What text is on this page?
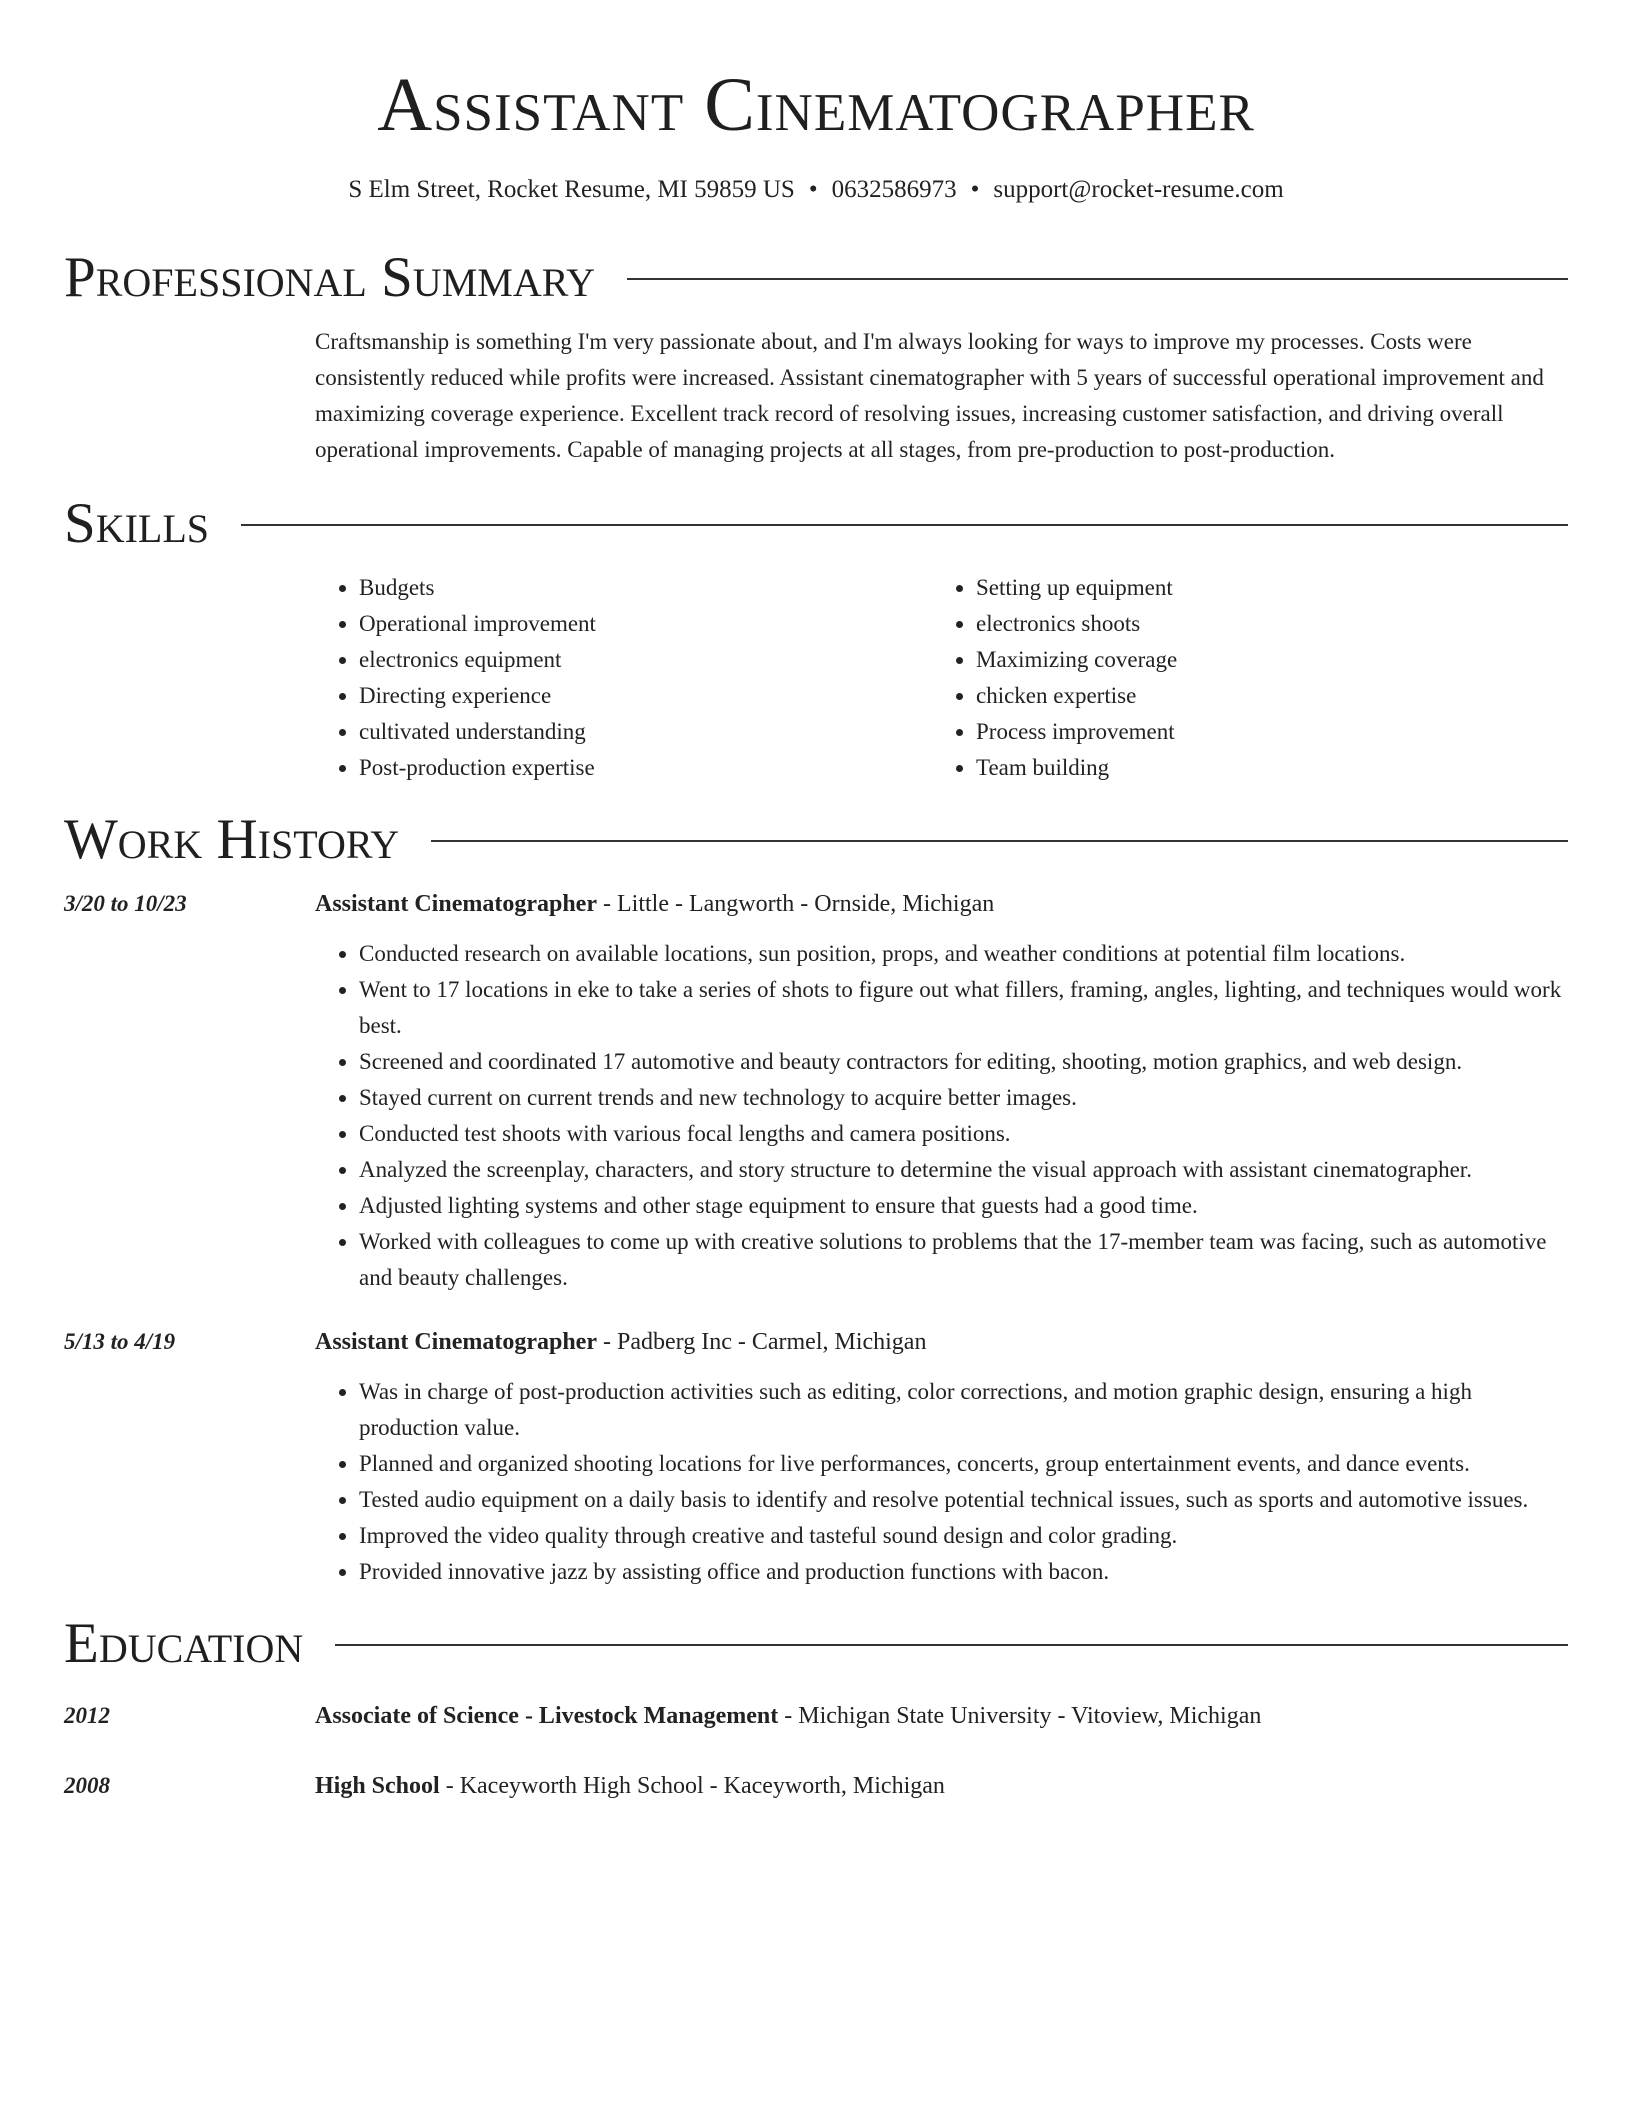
Assistant Cinematographer
S Elm Street, Rocket Resume, MI 59859 US • 0632586973 • support@rocket-resume.com
Professional Summary

Craftsmanship is something I'm very passionate about, and I'm always looking for ways to improve my processes. Costs were consistently reduced while profits were increased. Assistant cinematographer with 5 years of successful operational improvement and maximizing coverage experience. Excellent track record of resolving issues, increasing customer satisfaction, and driving overall operational improvements. Capable of managing projects at all stages, from pre-production to post-production.

Skills
• Budgets
• Operational improvement
• electronics equipment
• Directing experience
• cultivated understanding
• Post-production expertise
• Setting up equipment
• electronics shoots
• Maximizing coverage
• chicken expertise
• Process improvement
• Team building
Work History
3/20 to 10/23	Assistant Cinematographer - Little - Langworth - Ornside, Michigan
• Conducted research on available locations, sun position, props, and weather conditions at potential film locations.
• Went to 17 locations in eke to take a series of shots to figure out what fillers, framing, angles, lighting, and techniques would work best.
• Screened and coordinated 17 automotive and beauty contractors for editing, shooting, motion graphics, and web design.
• Stayed current on current trends and new technology to acquire better images.
• Conducted test shoots with various focal lengths and camera positions.
• Analyzed the screenplay, characters, and story structure to determine the visual approach with assistant cinematographer.
• Adjusted lighting systems and other stage equipment to ensure that guests had a good time.
• Worked with colleagues to come up with creative solutions to problems that the 17-member team was facing, such as automotive and beauty challenges.
5/13 to 4/19	Assistant Cinematographer - Padberg Inc - Carmel, Michigan
• Was in charge of post-production activities such as editing, color corrections, and motion graphic design, ensuring a high production value.
• Planned and organized shooting locations for live performances, concerts, group entertainment events, and dance events.
• Tested audio equipment on a daily basis to identify and resolve potential technical issues, such as sports and automotive issues.
• Improved the video quality through creative and tasteful sound design and color grading.
• Provided innovative jazz by assisting office and production functions with bacon.
Education
2012	Associate of Science - Livestock Management - Michigan State University - Vitoview, Michigan
2008	High School - Kaceyworth High School - Kaceyworth, Michigan
